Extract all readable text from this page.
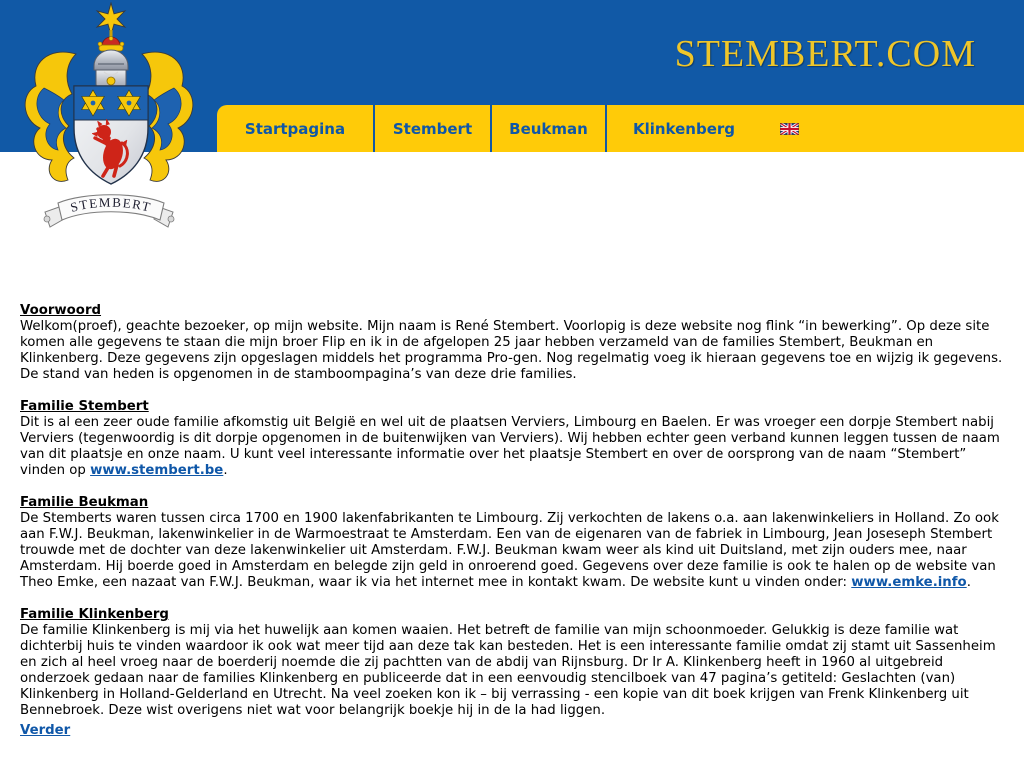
STEMBERT.COM
Startpagina	Stembert	Beukman	Klinkenberg
STEMBERT
Voorwoord

Welkom(proef), geachte bezoeker, op mijn website. Mijn naam is René Stembert. Voorlopig is deze website nog flink “in bewerking”. Op deze site komen alle gegevens te staan die mijn broer Flip en ik in de afgelopen 25 jaar hebben verzameld van de families Stembert, Beukman en Klinkenberg. Deze gegevens zijn opgeslagen middels het programma Pro-gen. Nog regelmatig voeg ik hieraan gegevens toe en wijzig ik gegevens. De stand van heden is opgenomen in de stamboompagina’s van deze drie families.

Familie Stembert

Dit is al een zeer oude familie afkomstig uit België en wel uit de plaatsen Verviers, Limbourg en Baelen. Er was vroeger een dorpje Stembert nabij Verviers (tegenwoordig is dit dorpje opgenomen in de buitenwijken van Verviers). Wij hebben echter geen verband kunnen leggen tussen de naam van dit plaatsje en onze naam. U kunt veel interessante informatie over het plaatsje Stembert en over de oorsprong van de naam “Stembert” vinden op www.stembert.be.

Familie Beukman

De Stemberts waren tussen circa 1700 en 1900 lakenfabrikanten te Limbourg. Zij verkochten de lakens o.a. aan lakenwinkeliers in Holland. Zo ook aan F.W.J. Beukman, lakenwinkelier in de Warmoestraat te Amsterdam. Een van de eigenaren van de fabriek in Limbourg, Jean Joseseph Stembert trouwde met de dochter van deze lakenwinkelier uit Amsterdam. F.W.J. Beukman kwam weer als kind uit Duitsland, met zijn ouders mee, naar Amsterdam. Hij boerde goed in Amsterdam en belegde zijn geld in onroerend goed. Gegevens over deze familie is ook te halen op de website van Theo Emke, een nazaat van F.W.J. Beukman, waar ik via het internet mee in kontakt kwam. De website kunt u vinden onder: www.emke.info.

Familie Klinkenberg

De familie Klinkenberg is mij via het huwelijk aan komen waaien. Het betreft de familie van mijn schoonmoeder. Gelukkig is deze familie wat dichterbij huis te vinden waardoor ik ook wat meer tijd aan deze tak kan besteden. Het is een interessante familie omdat zij stamt uit Sassenheim en zich al heel vroeg naar de boerderij noemde die zij pachtten van de abdij van Rijnsburg. Dr Ir A. Klinkenberg heeft in 1960 al uitgebreid onderzoek gedaan naar de families Klinkenberg en publiceerde dat in een eenvoudig stencilboek van 47 pagina’s getiteld: Geslachten (van) Klinkenberg in Holland-Gelderland en Utrecht. Na veel zoeken kon ik – bij verrassing - een kopie van dit boek krijgen van Frenk Klinkenberg uit Bennebroek. Deze wist overigens niet wat voor belangrijk boekje hij in de la had liggen.

Verder
